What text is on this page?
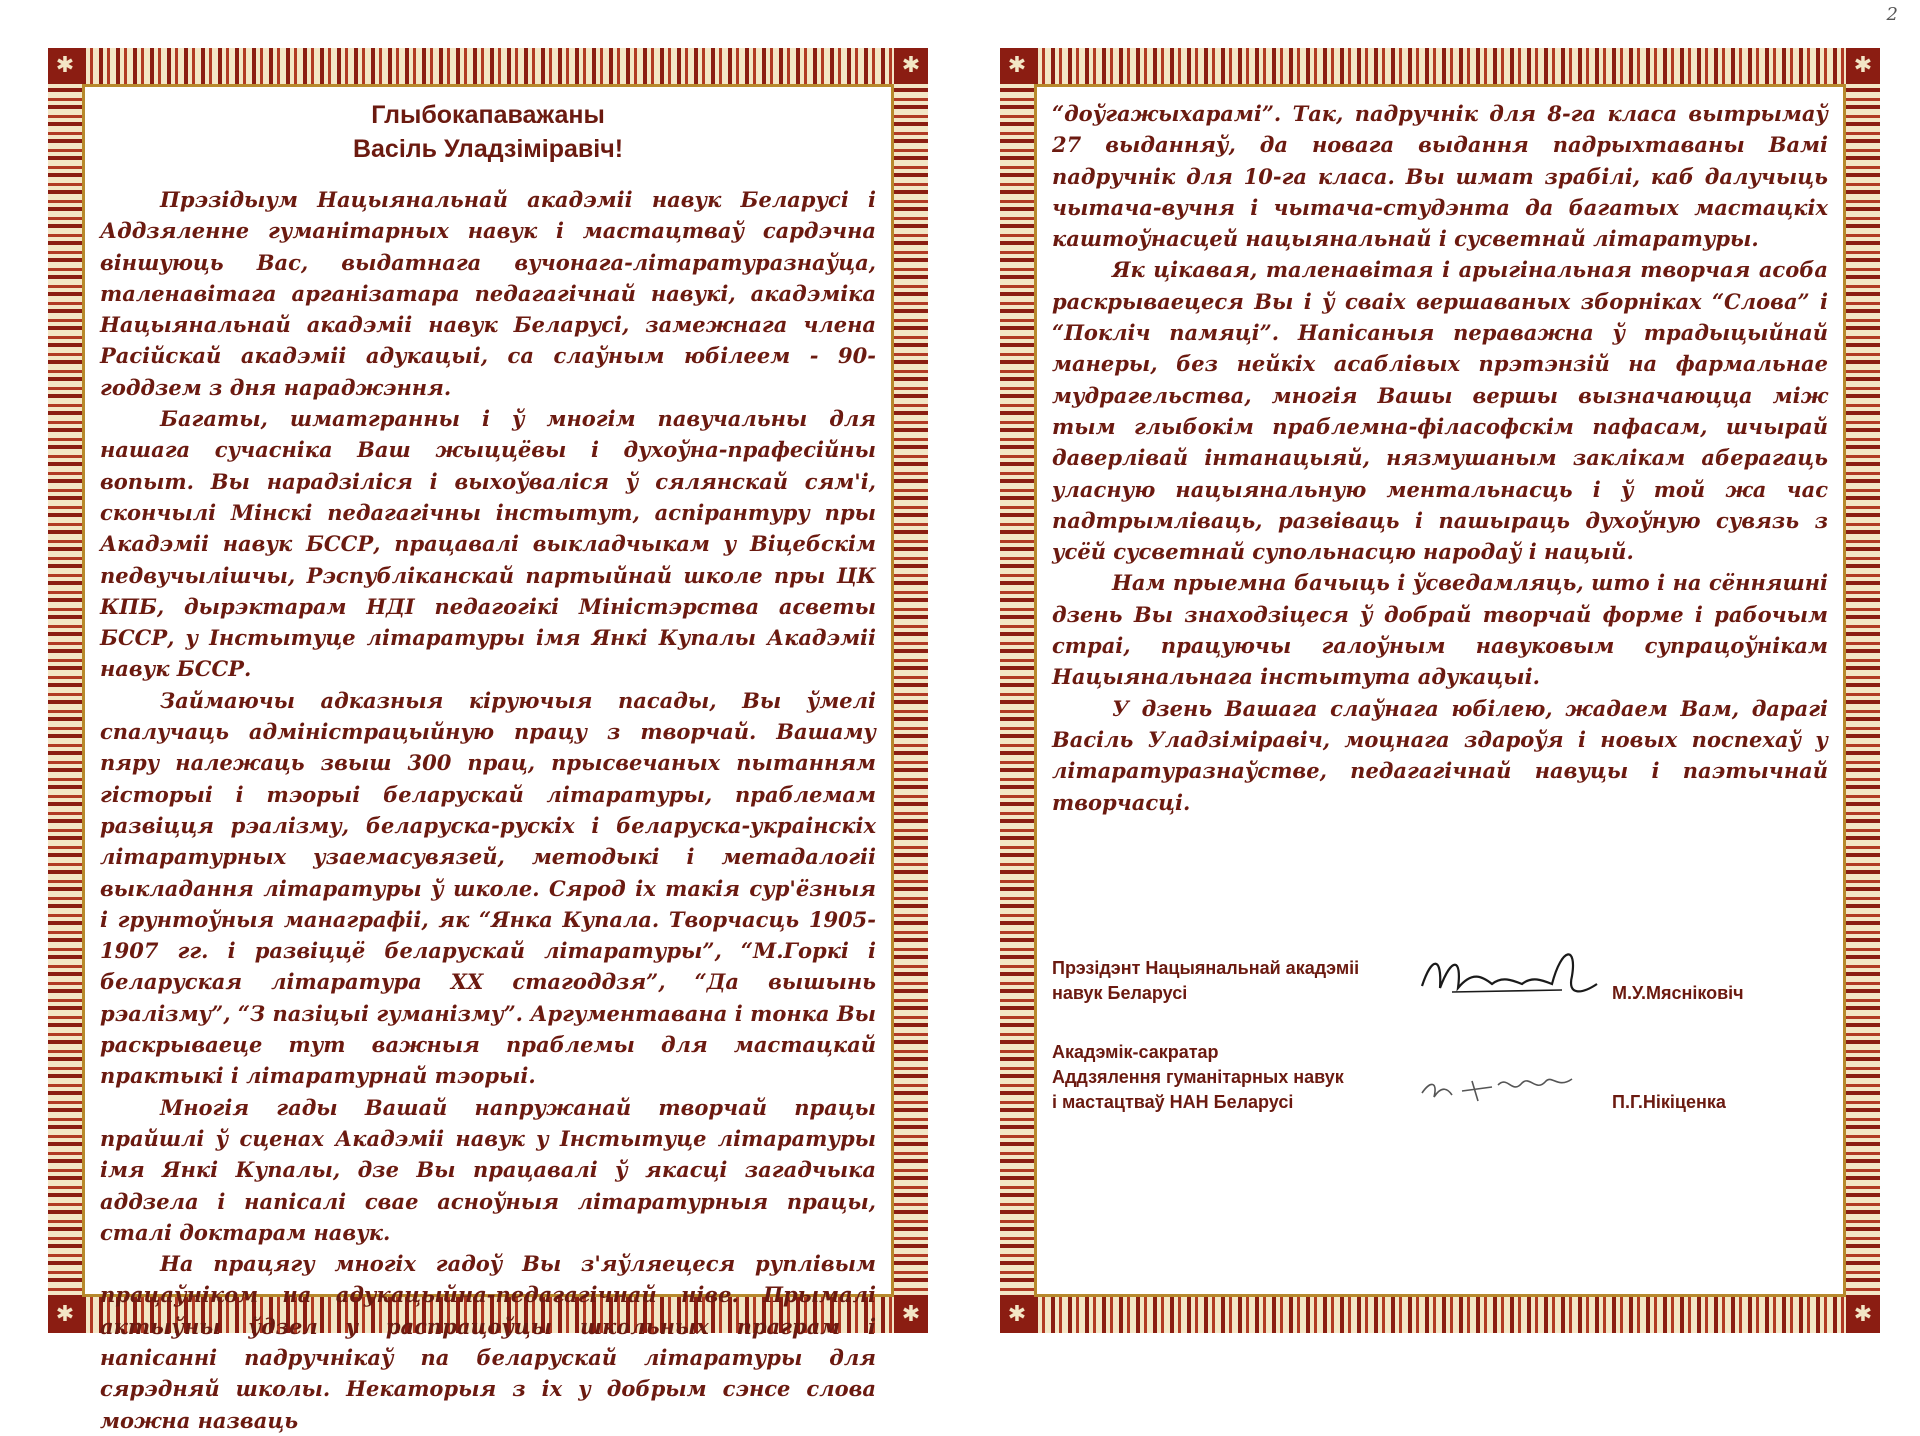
2
✱	✱
✱	✱
Глыбокапаважаны
Васіль Уладзіміравіч!

Прэзідыум Нацыянальнай акадэміі навук Беларусі і Аддзяленне гуманітарных навук і мастацтваў сардэчна віншуюць Вас, выдатнага вучонага-літаратуразнаўца, таленавітага арганізатара педагагічнай навукі, акадэміка Нацыянальнай акадэміі навук Беларусі, замежнага члена Расійскай акадэміі адукацыі, са слаўным юбілеем - 90-годдзем з дня нараджэння.

Багаты, шматгранны і ў многім павучальны для нашага сучасніка Ваш жыццёвы і духоўна-прафесійны вопыт. Вы нарадзіліся і выхоўваліся ў сялянскай сям'і, скончылі Мінскі педагагічны інстытут, аспірантуру пры Акадэміі навук БССР, працавалі выкладчыкам у Віцебскім педвучылішчы, Рэспубліканскай партыйнай школе пры ЦК КПБ, дырэктарам НДІ педагогікі Міністэрства асветы БССР, у Інстытуце літаратуры імя Янкі Купалы Акадэміі навук БССР.

Займаючы адказныя кіруючыя пасады, Вы ўмелі спалучаць адміністрацыйную працу з творчай. Вашаму пяру належаць звыш 300 прац, прысвечаных пытанням гісторыі і тэорыі беларускай літаратуры, праблемам развіцця рэалізму, беларуска-рускіх і беларуска-украінскіх літаратурных узаемасувязей, методыкі і метадалогіі выкладання літаратуры ў школе. Сярод іх такія сур'ёзныя і грунтоўныя манаграфіі, як “Янка Купала. Творчасць 1905-1907 гг. і развіццё беларускай літаратуры”, “М.Горкі і беларуская літаратура XX стагоддзя”, “Да вышынь рэалізму”, “З пазіцыі гуманізму”. Аргументавана і тонка Вы раскрываеце тут важныя праблемы для мастацкай практыкі і літаратурнай тэорыі.

Многія гады Вашай напружанай творчай працы прайшлі ў сценах Акадэміі навук у Інстытуце літаратуры імя Янкі Купалы, дзе Вы працавалі ў якасці загадчыка аддзела і напісалі свае асноўныя літаратурныя працы, сталі доктарам навук.

На працягу многіх гадоў Вы з'яўляецеся руплівым працаўніком на адукацыйна-педагагічнай ніве. Прымалі актыўны ўдзел у распрацоўцы школьных праграм і напісанні падручнікаў па беларускай літаратуры для сярэдняй школы. Некаторыя з іх у добрым сэнсе слова можна назваць

✱	✱
✱	✱

“доўгажыхарамі”. Так, падручнік для 8-га класа вытрымаў 27 выданняў, да новага выдання падрыхтаваны Вамі падручнік для 10-га класа. Вы шмат зрабілі, каб далучыць чытача-вучня і чытача-студэнта да багатых мастацкіх каштоўнасцей нацыянальнай і сусветнай літаратуры.

Як цікавая, таленавітая і арыгінальная творчая асоба раскрываецеся Вы і ў сваіх вершаваных зборніках “Слова” і “Покліч памяці”. Напісаныя пераважна ў традыцыйнай манеры, без нейкіх асаблівых прэтэнзій на фармальнае мудрагельства, многія Вашы вершы вызначаюцца між тым глыбокім праблемна-філасофскім пафасам, шчырай даверлівай інтанацыяй, нязмушаным заклікам аберагаць уласную нацыянальную ментальнасць і ў той жа час падтрымліваць, развіваць і пашыраць духоўную сувязь з усёй сусветнай супольнасцю народаў і нацый.

Нам прыемна бачыць і ўсведамляць, што і на сённяшні дзень Вы знаходзіцеся ў добрай творчай форме і рабочым страі, працуючы галоўным навуковым супрацоўнікам Нацыянальнага інстытута адукацыі.

У дзень Вашага слаўнага юбілею, жадаем Вам, дарагі Васіль Уладзіміравіч, моцнага здароўя і новых поспехаў у літаратуразнаўстве, педагагічнай навуцы і паэтычнай творчасці.

Прэзідэнт Нацыянальнай акадэміі
навук Беларусі	М.У.Мясніковіч
Акадэмік-сакратар
Аддзялення гуманітарных навук
і мастацтваў НАН Беларусі	П.Г.Нікіценка
